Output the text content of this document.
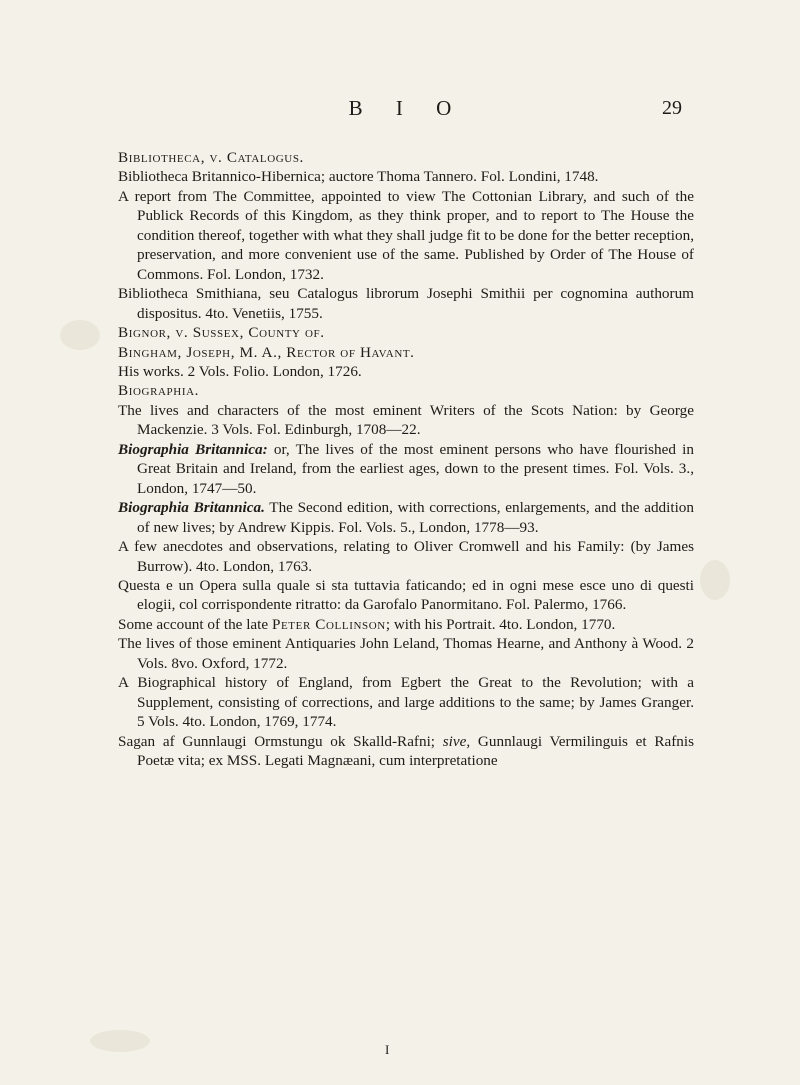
B I O	29

Bibliotheca, v. Catalogus.

Bibliotheca Britannico-Hibernica; auctore Thoma Tannero. Fol. Londini, 1748.

A report from The Committee, appointed to view The Cottonian Library, and such of the Publick Records of this Kingdom, as they think proper, and to report to The House the condition thereof, together with what they shall judge fit to be done for the better reception, preservation, and more convenient use of the same. Published by Order of The House of Commons. Fol. London, 1732.

Bibliotheca Smithiana, seu Catalogus librorum Josephi Smithii per cognomina authorum dispositus. 4to. Venetiis, 1755.

Bignor, v. Sussex, County of.

Bingham, Joseph, M. A., Rector of Havant.

His works. 2 Vols. Folio. London, 1726.

Biographia.

The lives and characters of the most eminent Writers of the Scots Nation: by George Mackenzie. 3 Vols. Fol. Edinburgh, 1708—22.

Biographia Britannica: or, The lives of the most eminent persons who have flourished in Great Britain and Ireland, from the earliest ages, down to the present times. Fol. Vols. 3., London, 1747—50.

Biographia Britannica. The Second edition, with corrections, enlargements, and the addition of new lives; by Andrew Kippis. Fol. Vols. 5., London, 1778—93.

A few anecdotes and observations, relating to Oliver Cromwell and his Family: (by James Burrow). 4to. London, 1763.

Questa e un Opera sulla quale si sta tuttavia faticando; ed in ogni mese esce uno di questi elogii, col corrispondente ritratto: da Garofalo Panormitano. Fol. Palermo, 1766.

Some account of the late Peter Collinson; with his Portrait. 4to. London, 1770.

The lives of those eminent Antiquaries John Leland, Thomas Hearne, and Anthony à Wood. 2 Vols. 8vo. Oxford, 1772.

A Biographical history of England, from Egbert the Great to the Revolution; with a Supplement, consisting of corrections, and large additions to the same; by James Granger. 5 Vols. 4to. London, 1769, 1774.

Sagan af Gunnlaugi Ormstungu ok Skalld-Rafni; sive, Gunnlaugi Vermilinguis et Rafnis Poetæ vita; ex MSS. Legati Magnæani, cum interpretatione

I
